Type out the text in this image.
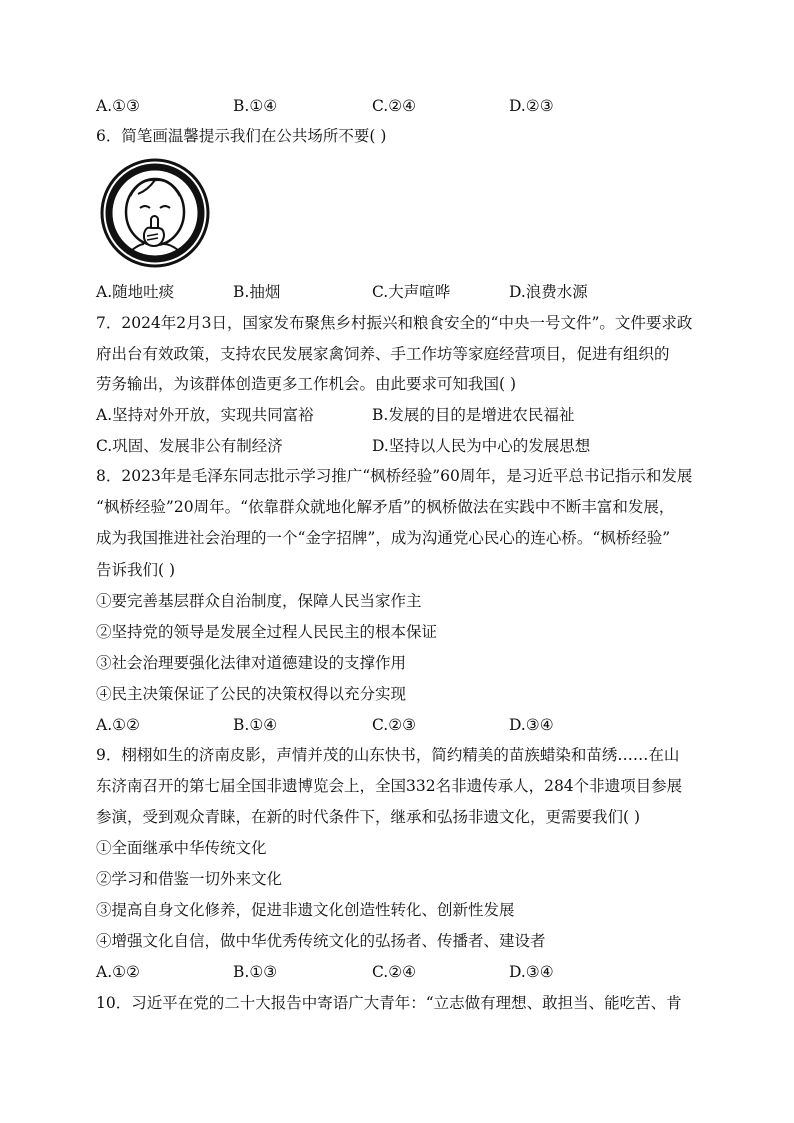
A.①③	B.①④	C.②④	D.②③
6．简笔画温馨提示我们在公共场所不要( )
A.随地吐痰	B.抽烟	C.大声喧哗	D.浪费水源
7．2024年2月3日，国家发布聚焦乡村振兴和粮食安全的“中央一号文件”。文件要求政
府出台有效政策，支持农民发展家禽饲养、手工作坊等家庭经营项目，促进有组织的
劳务输出，为该群体创造更多工作机会。由此要求可知我国( )
A.坚持对外开放，实现共同富裕	B.发展的目的是增进农民福祉
C.巩固、发展非公有制经济	D.坚持以人民为中心的发展思想
8．2023年是毛泽东同志批示学习推广“枫桥经验”60周年，是习近平总书记指示和发展
“枫桥经验”20周年。“依靠群众就地化解矛盾”的枫桥做法在实践中不断丰富和发展，
成为我国推进社会治理的一个“金字招牌”，成为沟通党心民心的连心桥。“枫桥经验”
告诉我们( )
①要完善基层群众自治制度，保障人民当家作主
②坚持党的领导是发展全过程人民民主的根本保证
③社会治理要强化法律对道德建设的支撑作用
④民主决策保证了公民的决策权得以充分实现
A.①②	B.①④	C.②③	D.③④
9．栩栩如生的济南皮影，声情并茂的山东快书，简约精美的苗族蜡染和苗绣……在山
东济南召开的第七届全国非遗博览会上，全国332名非遗传承人，284个非遗项目参展
参演，受到观众青睐，在新的时代条件下，继承和弘扬非遗文化，更需要我们( )
①全面继承中华传统文化
②学习和借鉴一切外来文化
③提高自身文化修养，促进非遗文化创造性转化、创新性发展
④增强文化自信，做中华优秀传统文化的弘扬者、传播者、建设者
A.①②	B.①③	C.②④	D.③④
10．习近平在党的二十大报告中寄语广大青年：“立志做有理想、敢担当、能吃苦、肯
